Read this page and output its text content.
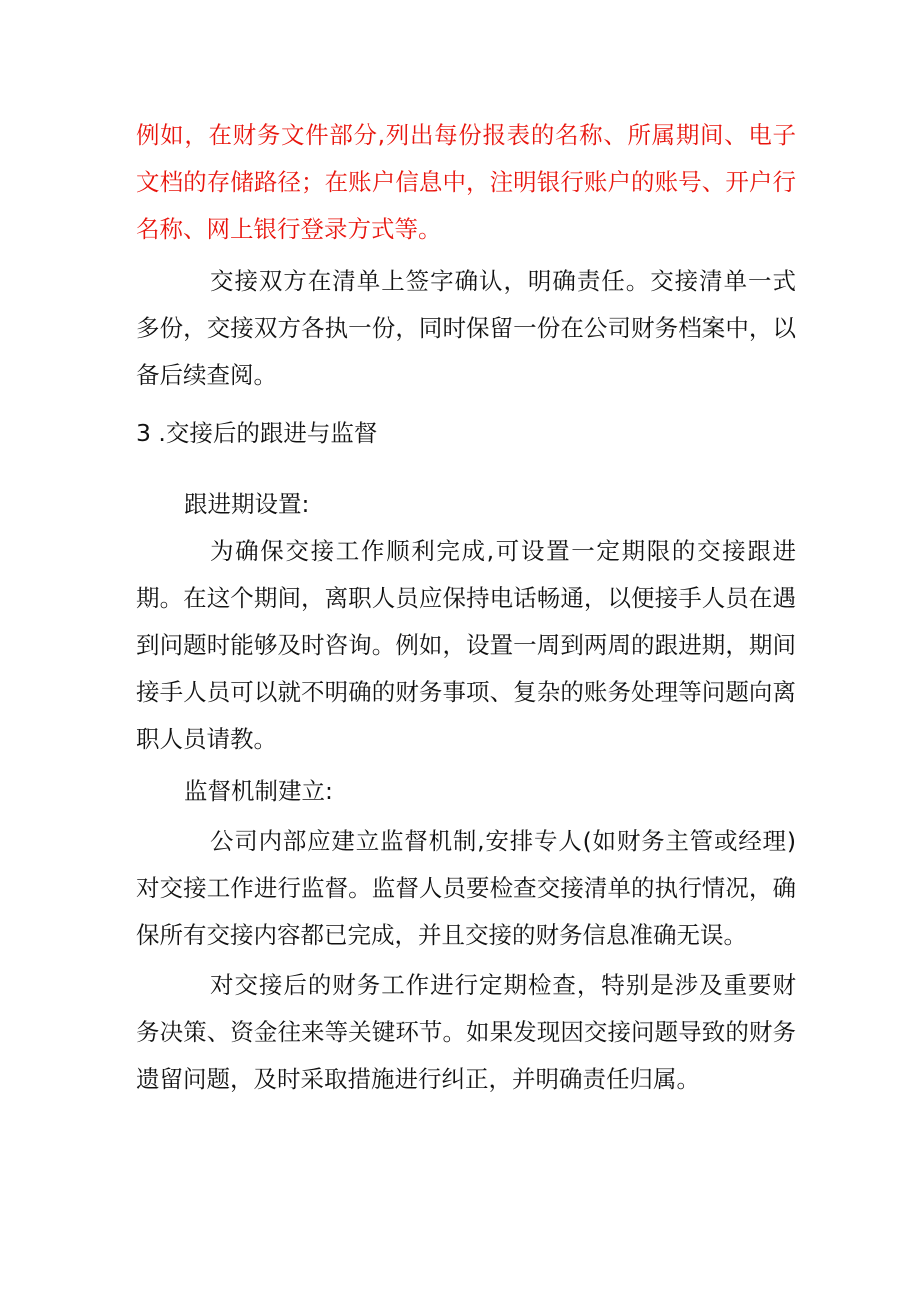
例如，在财务文件部分,列出每份报表的名称、所属期间、电子文档的存储路径；在账户信息中，注明银行账户的账号、开户行名称、网上银行登录方式等。

交接双方在清单上签字确认，明确责任。交接清单一式多份，交接双方各执一份，同时保留一份在公司财务档案中，以备后续查阅。

3 .交接后的跟进与监督

跟进期设置:

为确保交接工作顺利完成,可设置一定期限的交接跟进期。在这个期间，离职人员应保持电话畅通，以便接手人员在遇到问题时能够及时咨询。例如，设置一周到两周的跟进期，期间接手人员可以就不明确的财务事项、复杂的账务处理等问题向离职人员请教。

监督机制建立:

公司内部应建立监督机制,安排专人(如财务主管或经理)对交接工作进行监督。监督人员要检查交接清单的执行情况，确保所有交接内容都已完成，并且交接的财务信息准确无误。

对交接后的财务工作进行定期检查，特别是涉及重要财务决策、资金往来等关键环节。如果发现因交接问题导致的财务遗留问题，及时采取措施进行纠正，并明确责任归属。
